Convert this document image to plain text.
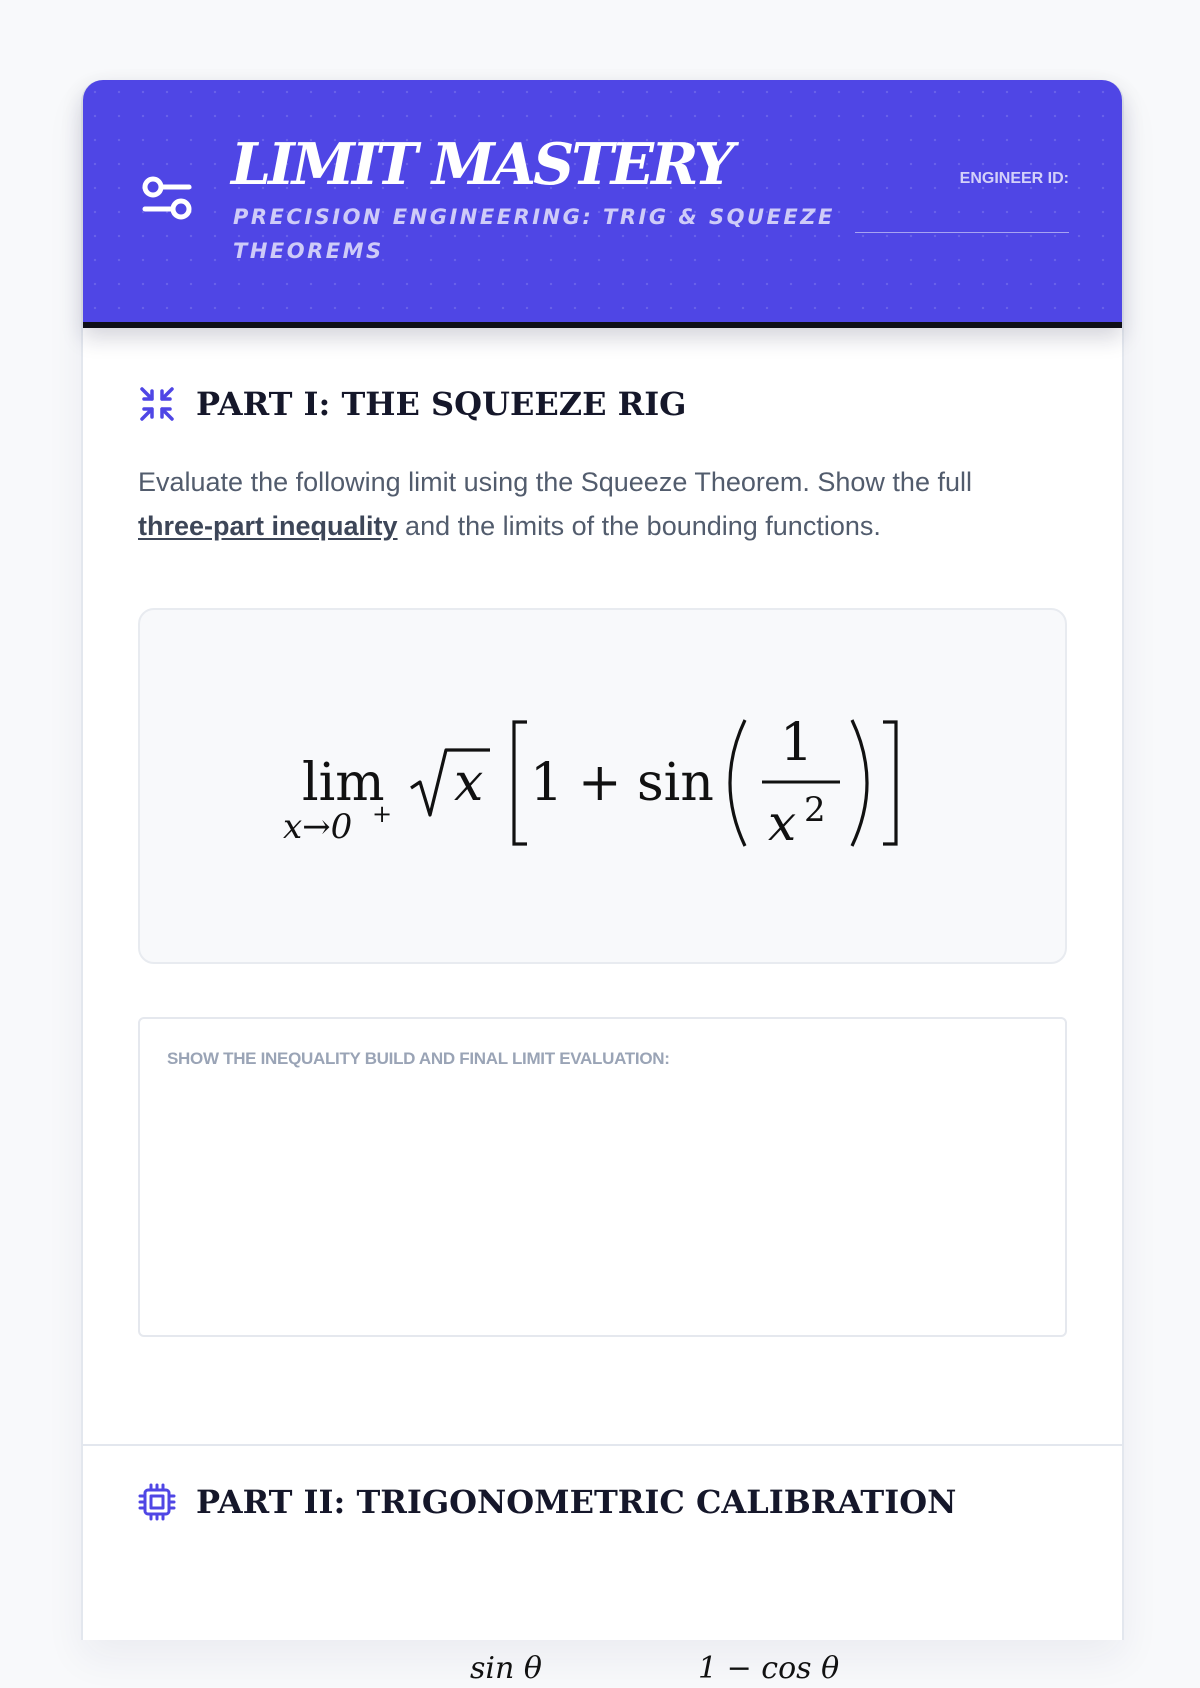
LIMIT MASTERY

PRECISION ENGINEERING: TRIG & SQUEEZE THEOREMS

ENGINEER ID:
PART I: THE SQUEEZE RIG

Evaluate the following limit using the Squeeze Theorem. Show the full three-part inequality and the limits of the bounding functions.

lim
x→0 +
x 1 + sin
1
x 2
SHOW THE INEQUALITY BUILD AND FINAL LIMIT EVALUATION:
PART II: TRIGONOMETRIC CALIBRATION
sin θ	1 − cos θ
